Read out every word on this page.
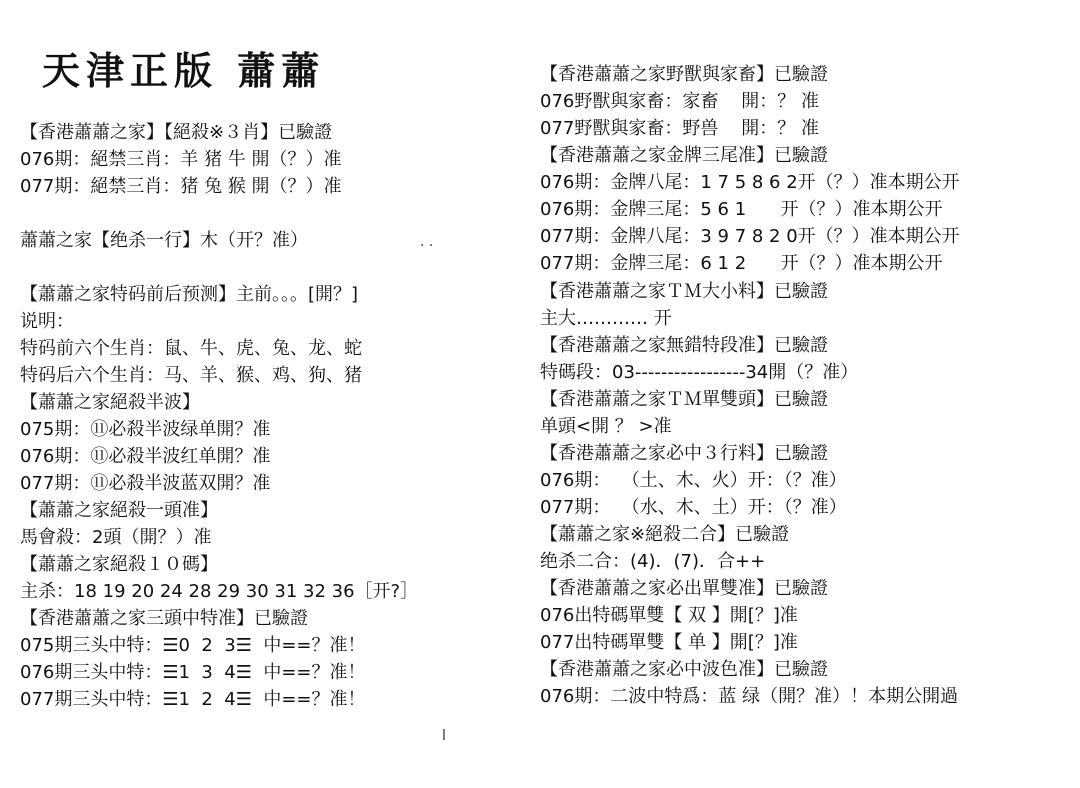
天津正版 蕭蕭
· ·
l
【香港蕭蕭之家】【絕殺※３肖】已驗證
076期：絕禁三肖：羊 猪 牛 開（？）准
077期：絕禁三肖：猪 兔 猴 開（？）准
蕭蕭之家【绝杀一行】木（开？准）
【蕭蕭之家特码前后预测】主前。。。[開？]
说明：
特码前六个生肖：鼠、牛、虎、兔、龙、蛇
特码后六个生肖：马、羊、猴、鸡、狗、猪
【蕭蕭之家絕殺半波】
075期：⑪必殺半波绿单開？准
076期：⑪必殺半波红单開？准
077期：⑪必殺半波蓝双開？准
【蕭蕭之家絕殺一頭准】
馬會殺：2頭（開？）准
【蕭蕭之家絕殺１０碼】
主杀：18 19 20 24 28 29 30 31 32 36［开?］
【香港蕭蕭之家三頭中特准】已驗證
075期三头中特：☰0  2  3☰  中==？准！
076期三头中特：☰1  3  4☰  中==？准！
077期三头中特：☰1  2  4☰  中==？准！
【香港蕭蕭之家野獸與家畜】已驗證
076野獸與家畜：家畜    開：？ 准
077野獸與家畜：野兽    開：？ 准
【香港蕭蕭之家金牌三尾准】已驗證
076期：金牌八尾：1 7 5 8 6 2开（？）准本期公开
076期：金牌三尾：5 6 1      开（？）准本期公开
077期：金牌八尾：3 9 7 8 2 0开（？）准本期公开
077期：金牌三尾：6 1 2      开（？）准本期公开
【香港蕭蕭之家ＴＭ大小料】已驗證
主大………… 开
【香港蕭蕭之家無錯特段准】已驗證
特碼段：03-----------------34開（？准）
【香港蕭蕭之家ＴＭ單雙頭】已驗證
单頭<開 ？ >准
【香港蕭蕭之家必中３行料】已驗證
076期：  （土、木、火）开：（？准）
077期：  （水、木、土）开：（？准）
【蕭蕭之家※絕殺二合】已驗證
绝杀二合：(4)．(7)．合++
【香港蕭蕭之家必出單雙准】已驗證
076出特碼單雙【 双 】開[？]准
077出特碼單雙【 单 】開[？]准
【香港蕭蕭之家必中波色准】已驗證
076期：二波中特爲：蓝 绿（開？准）！本期公開過
